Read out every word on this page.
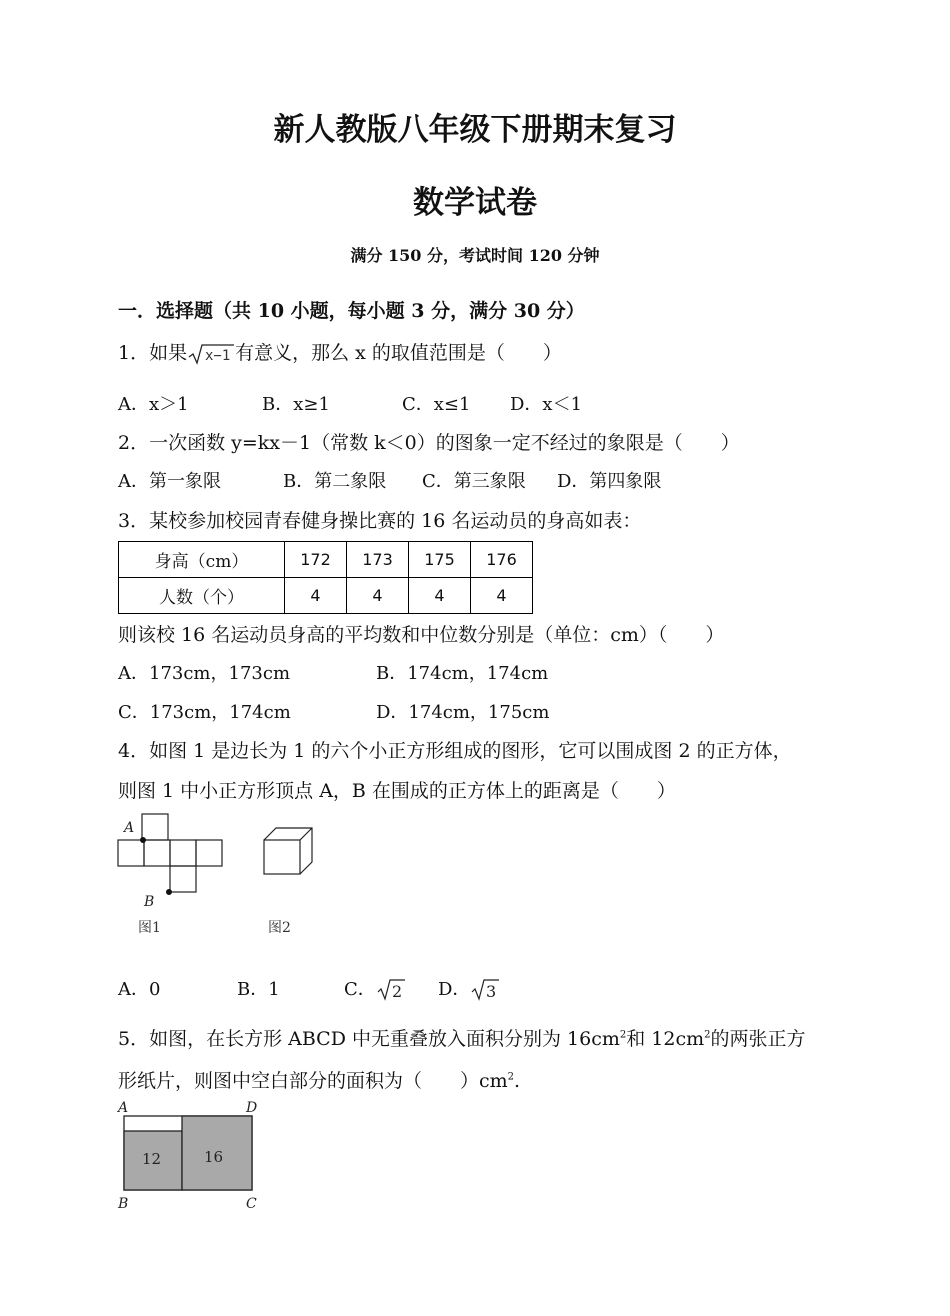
新人教版八年级下册期末复习
数学试卷
满分 150 分，考试时间 120 分钟
一．选择题（共 10 小题，每小题 3 分，满分 30 分）
1．如果 x−1 有意义，那么 x 的取值范围是（　　）
A．x＞1	B．x≥1	C．x≤1 D．x＜1
2．一次函数 y=kx－1（常数 k＜0）的图象一定不经过的象限是（　　）
A．第一象限	B．第二象限 C．第三象限 D．第四象限
3．某校参加校园青春健身操比赛的 16 名运动员的身高如表：
身高（cm）	172	173	175	176
人数（个）	4	4	4	4
则该校 16 名运动员身高的平均数和中位数分别是（单位：cm）（　　）
A．173cm，173cm	B．174cm，174cm
C．173cm，174cm	D．174cm，175cm
4．如图 1 是边长为 1 的六个小正方形组成的图形，它可以围成图 2 的正方体，
则图 1 中小正方形顶点 A，B 在围成的正方体上的距离是（　　）
A
B
图1	图2
A．0	B．1	C． 2 D． 3
5．如图，在长方形 ABCD 中无重叠放入面积分别为 $16cm^2$和 $12cm^2$的两张正方
形纸片，则图中空白部分的面积为（　　）$cm^2$.
12	16
A	D
B	C
